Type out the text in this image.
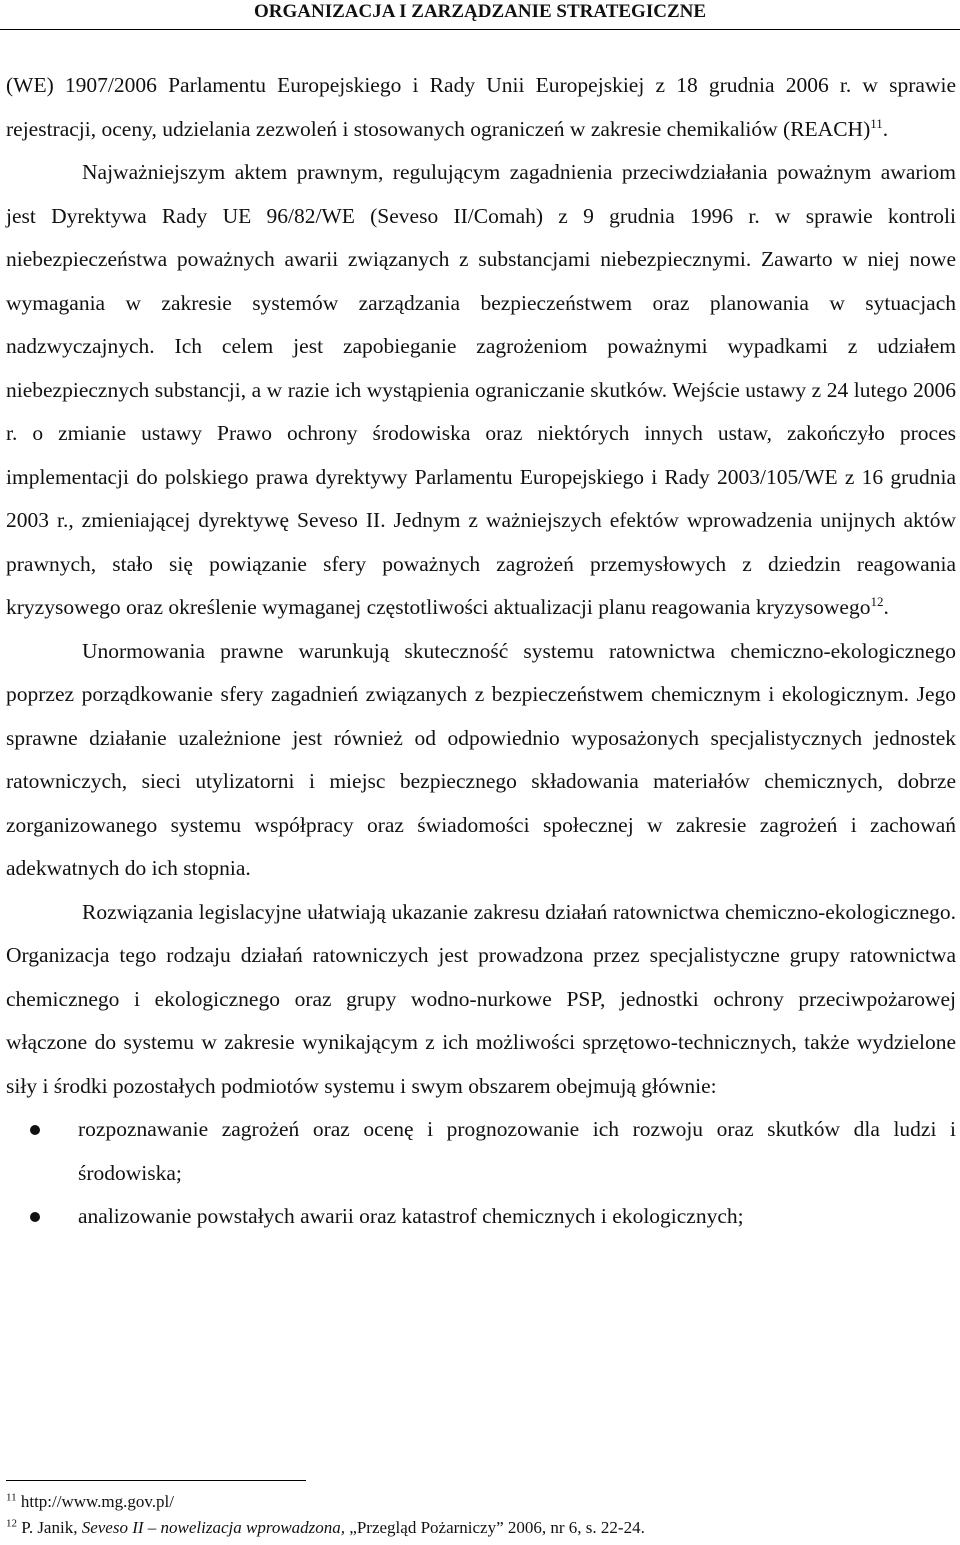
ORGANIZACJA I ZARZĄDZANIE STRATEGICZNE

(WE) 1907/2006 Parlamentu Europejskiego i Rady Unii Europejskiej z 18 grudnia 2006 r. w sprawie rejestracji, oceny, udzielania zezwoleń i stosowanych ograniczeń w zakresie chemikaliów (REACH)$^{11}$.

Najważniejszym aktem prawnym, regulującym zagadnienia przeciwdziałania poważnym awariom jest Dyrektywa Rady UE 96/82/WE (Seveso II/Comah) z 9 grudnia 1996 r. w sprawie kontroli niebezpieczeństwa poważnych awarii związanych z substancjami niebezpiecznymi. Zawarto w niej nowe wymagania w zakresie systemów zarządzania bezpieczeństwem oraz planowania w sytuacjach nadzwyczajnych. Ich celem jest zapobieganie zagrożeniom poważnymi wypadkami z udziałem niebezpiecznych substancji, a w razie ich wystąpienia ograniczanie skutków. Wejście ustawy z 24 lutego 2006 r. o zmianie ustawy Prawo ochrony środowiska oraz niektórych innych ustaw, zakończyło proces implementacji do polskiego prawa dyrektywy Parlamentu Europejskiego i Rady 2003/105/WE z 16 grudnia 2003 r., zmieniającej dyrektywę Seveso II. Jednym z ważniejszych efektów wprowadzenia unijnych aktów prawnych, stało się powiązanie sfery poważnych zagrożeń przemysłowych z dziedzin reagowania kryzysowego oraz określenie wymaganej częstotliwości aktualizacji planu reagowania kryzysowego$^{12}$.

Unormowania prawne warunkują skuteczność systemu ratownictwa chemiczno-ekologicznego poprzez porządkowanie sfery zagadnień związanych z bezpieczeństwem chemicznym i ekologicznym. Jego sprawne działanie uzależnione jest również od odpowiednio wyposażonych specjalistycznych jednostek ratowniczych, sieci utylizatorni i miejsc bezpiecznego składowania materiałów chemicznych, dobrze zorganizowanego systemu współpracy oraz świadomości społecznej w zakresie zagrożeń i zachowań adekwatnych do ich stopnia.

Rozwiązania legislacyjne ułatwiają ukazanie zakresu działań ratownictwa chemiczno-ekologicznego. Organizacja tego rodzaju działań ratowniczych jest prowadzona przez specjalistyczne grupy ratownictwa chemicznego i ekologicznego oraz grupy wodno-nurkowe PSP, jednostki ochrony przeciwpożarowej włączone do systemu w zakresie wynikającym z ich możliwości sprzętowo-technicznych, także wydzielone siły i środki pozostałych podmiotów systemu i swym obszarem obejmują głównie:

rozpoznawanie zagrożeń oraz ocenę i prognozowanie ich rozwoju oraz skutków dla ludzi i środowiska;
analizowanie powstałych awarii oraz katastrof chemicznych i ekologicznych;
$^{11}$ http://www.mg.gov.pl/
$^{12}$ P. Janik, Seveso II – nowelizacja wprowadzona, „Przegląd Pożarniczy” 2006, nr 6, s. 22-24.
